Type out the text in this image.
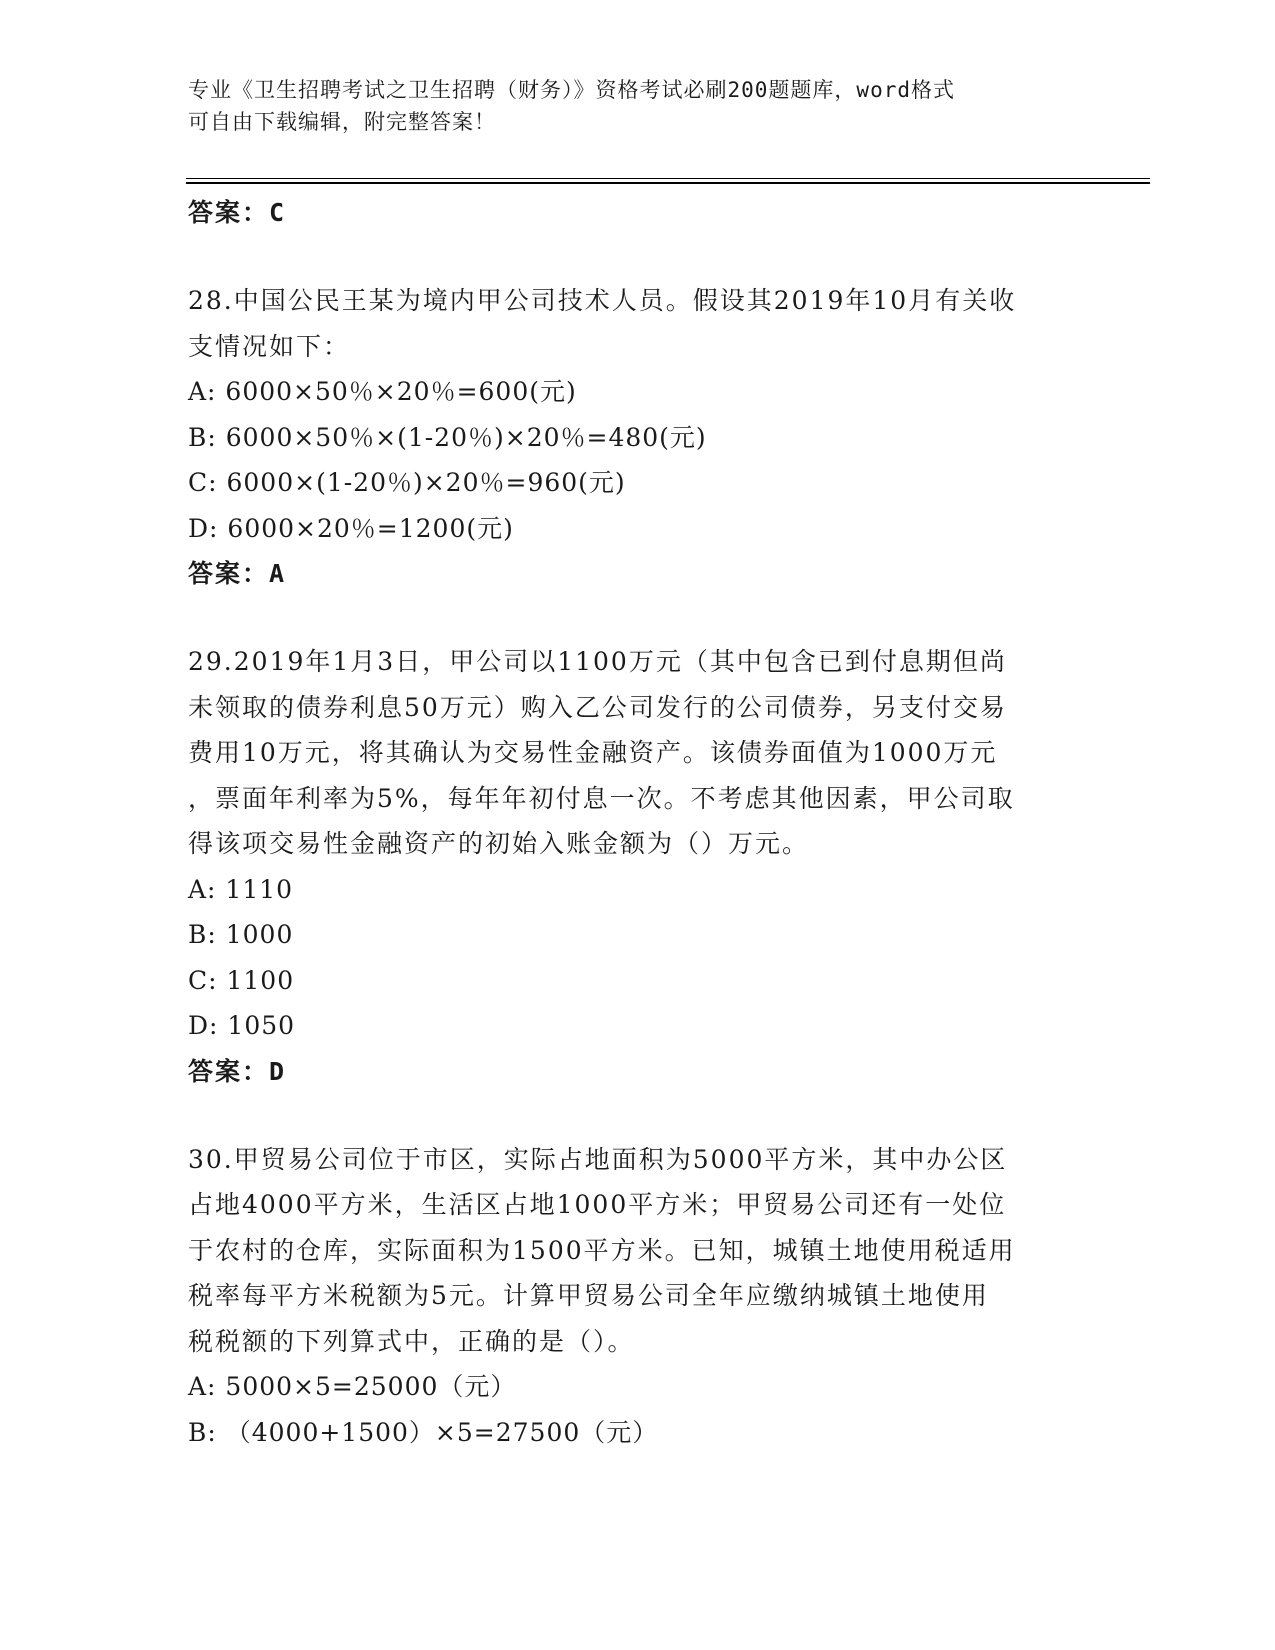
专业《卫生招聘考试之卫生招聘（财务）》资格考试必刷200题题库，word格式
可自由下载编辑，附完整答案！
答案：C
28.中国公民王某为境内甲公司技术人员。假设其2019年10月有关收
支情况如下：
A: 6000×50％×20％=600(元)
B: 6000×50％×(1-20％)×20％=480(元)
C: 6000×(1-20％)×20％=960(元)
D: 6000×20％=1200(元)
答案：A
29.2019年1月3日，甲公司以1100万元（其中包含已到付息期但尚
未领取的债券利息50万元）购入乙公司发行的公司债券，另支付交易
费用10万元，将其确认为交易性金融资产。该债券面值为1000万元
，票面年利率为5%，每年年初付息一次。不考虑其他因素，甲公司取
得该项交易性金融资产的初始入账金额为（）万元。
A: 1110
B: 1000
C: 1100
D: 1050
答案：D
30.甲贸易公司位于市区，实际占地面积为5000平方米，其中办公区
占地4000平方米，生活区占地1000平方米；甲贸易公司还有一处位
于农村的仓库，实际面积为1500平方米。已知，城镇土地使用税适用
税率每平方米税额为5元。计算甲贸易公司全年应缴纳城镇土地使用
税税额的下列算式中，正确的是（）。
A: 5000×5=25000（元）
B: （4000+1500）×5=27500（元）
